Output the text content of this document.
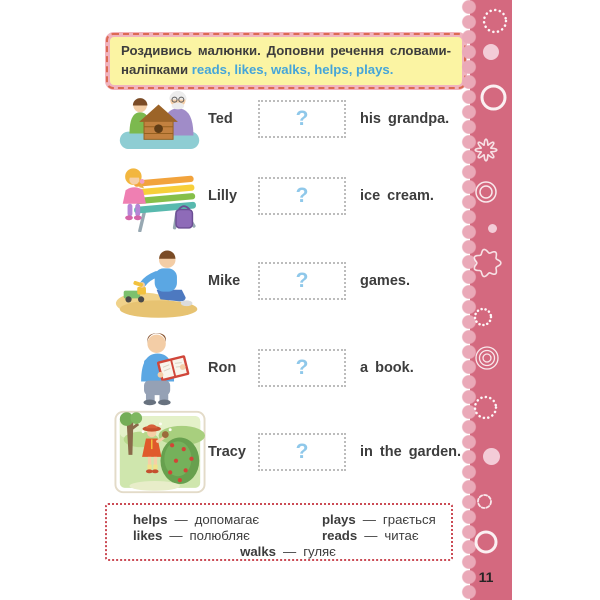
Роздивись малюнки. Доповни речення словами-наліпками reads, likes, walks, helps, plays.
Ted	?	his grandpa.
Lilly	?	ice cream.
Mike	?	games.
Ron	?	a book.
Tracy	?	in the garden.
helps — допомагає	plays — грається
likes — полюбляє	reads — читає
walks — гуляє
11
